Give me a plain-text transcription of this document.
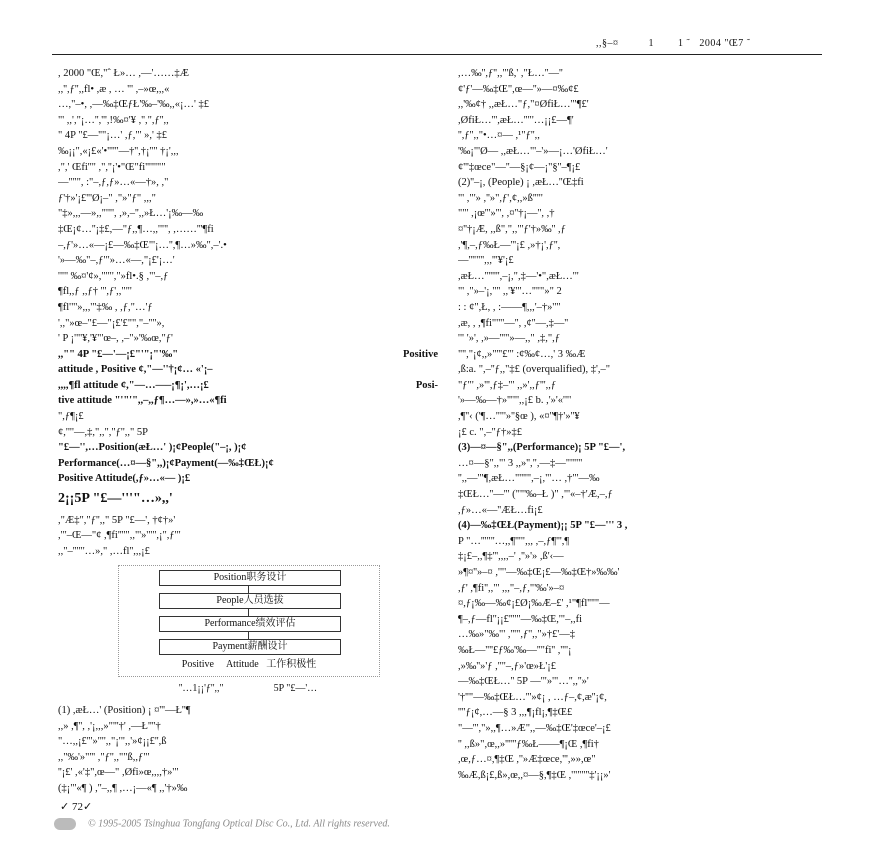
,,§–¤          1        1 ˜   2004 "Œ7 ˜

, 2000 "Œ,"ˆ Ł»… ,—'……‡Æ

,,'',ƒ'',,fl• ,æ , … ''' ,–»œ,,,«

…,"–•, ,—‰‡ŒƒŁ'‰–'‰,,«¡…' ‡£

"' ,,',"¡…'',''',!‰¤'¥ ,'',",ƒ'',,

" 4P "£—''"¡…' ,ƒ,"' »,' ‡£

‰¡¡",«¡£«'•''''''—†'',†¡''" †¡',,,

,",' Œfi''" ,",''¡'•"Œ"fi'''"'""

—"''", :"–,ƒ,ƒ»…«—†», ,"

ƒ'†»'¡£'''Ø¡–" ,"»"ƒ" ,,,"

"‡»,,,—»,,"'"', ,»,–'',,»Ł…'¡‰—‰

‡Œ¡¢…''¡‡£,—"ƒ,,¶…,,'"'', ,……'''¶fi

–,ƒ'»…«—¡£—‰‡Œ"'¡…'',¶…»‰",–'.•

'»—‰"–,ƒ'"»…«—,"¡£'¡…'

'"'' ‰¤'¢»,"'"',"»fl•.§ ,"'–,ƒ

¶fl,,ƒ ,,ƒ† ''',ƒ',,""'

¶fl'"'»,,,'"‡‰ , ,ƒ,"…'ƒ

',,"»œ–"£—"¡£'£"","–''"»,

' P ¡'"'¥,'¥"'œ–, ,–"»'‰œ,"ƒ'

,,"" 4P "£—'—¡£"'"¡"'‰"	Positive

attitude , Positive ¢,"—''†¡¢… «'¡–

,,,,¶fl attitude ¢,"—…—–¡¶¡',…¡£	Posi-

tive attitude "'"'",,–,,ƒ¶…—»,»…«¶fi

",ƒ¶¡£

¢,'"'—,‡,",,","ƒ'',," 5P

"£—'',…Position(æŁ…' )¡¢People("–¡, )¡¢

Performance(…¤—§",,)¡¢Payment(—‰‡ŒŁ)¡¢

Positive Attitude(,ƒ»…«— )¡£

2¡¡5P "£—'''"…»,,'

,"Æ‡","ƒ'',," 5P "£—', †¢†»'

,'"–Œ—"¢ ,¶fi''''",,"'»'"'',¡",ƒ'"

,,"–'''"'…»," ,…fl'',,,¡£

Position职务设计
People人员选拔
Performance绩效评估
Payment薪酬设计
Positive     Attitude   工作积极性
''…1¡¡'ƒ'',,"                    5P "£—'…

(1) ,æŁ…' (Position) ¡ ¤'''—Ł''¶

,,» ,¶'', ,'¡,,,»"'''†' ,—Ł''''†

"…,,¡£'''»'"',,"¡'",,'»¢¡¡£'',ß

,,"‰'»"''' ,"ƒ'',,""ß,,ƒ"'

''¡£' ,«'‡",œ—" ,Øfi»œ,,,,†»'"

(‡¡"'«¶ ) ,''–,,¶ ,…¡—«¶ ,,'†»‰

,…‰'',ƒ'',,"'ß,' ,"Ł…''—''

¢'ƒ'—‰‡Œ",œ—''»—¤‰¢£

,,'‰¢† ,,æŁ…"ƒ,"¤ØfiŁ…'"¶£'

,ØfiŁ…''',æŁ…''"'…¡¡£—¶'

'',ƒ'',,"•…¤— ,¹"ƒ'',,

'‰¡"'Ø— ,,æŁ…"'–'»—¡…'ØfiŁ…'

¢'''‡œce"—''—§¡¢—¡"§''–¶¡£

(2)''–¡, (People) ¡ ,æŁ…''Œ‡fi

"' ,"'» ,''»",ƒ',¢,,»ß''"'

""' ,¡œ'''»''', ,¤''†¡—'', ,†

¤''†¡Æ, ,,ß",",,"'ƒ'†»‰'' ,ƒ

,'¶,–,ƒ‰Ł—'''¡£ ,»†¡',ƒ'',

—''''"'',,,'''¥'¡£

,æŁ…'''''''',–¡,",‡—'•",æŁ…'"

"' ,"»–'¡,"'' ,,'¥"'…''""»" 2

: : ¢",Ł, , :——¶,,,'–†»'"'

,æ, , ,¶fi"'"'—'', ,¢''—,‡—''

'" '»', ,»—'''"»—,," ,‡,",ƒ

"'',"¡¢,,»"'''£"' :¢‰¢…,' 3 ‰Æ

,ß:a. ",–''ƒ,,"‡£ (overqualified), ‡',–"

"ƒ"' ,»''',ƒ‡–"' ,,»',,ƒ''',,ƒ

'»—‰—†»'''"',,¡£ b. ,'»'«'"'

,¶''‹ ('¶…''"'»''§œ ), «¤''¶†'»''¥

¡£ c. ",–"ƒ†»‡£

(3)—¤—§",,(Performance)¡ 5P "£—',

…¤—§",,"' 3 ,,»'',",—‡—"'"'"

'',,—'"¶,æŁ…"''''",–¡,"'… ,†"'—‰

‡ŒŁ…''—''' (""'‰–Ł )" ,"'«–†'Æ,–,ƒ

,ƒ»…«—''ÆŁ…fi¡£

(4)—‰‡ŒŁ(Payment)¡¡ 5P "£—''' 3 ,

P "…'''"''…,,¶'''",,, ,–,ƒ¶''',¶

‡¡£–,,¶‡''',,,,–' ,''»'» ,ß'‹—

»¶¤''»–¤ ,'"'—‰‡Œ¡£—‰‡Œ†»‰‰'

,ƒ' ,¶fi'',,"' ,,,"–,ƒ,"'‰'»–¤

¤,ƒ¡‰—‰¢¡£Ø¡‰Æ–£' ,¹"¶fl''''"—

¶–,ƒ—fl''¡¡£''''"—‰‡Œ,'"–,,fi

…‰»"‰"' ,'''",ƒ'',,"»†£'—‡

‰Ł—''''£ƒ‰'‰—''"fi'' ,''''¡

,»‰''»'ƒ ,''"–,ƒ»'œ»Ł'¡£

—‰‡ŒŁ…'' 5P —'"»'"…'',,''»'

'†''"—‰‡ŒŁ…'''»¢¡ , …ƒ–,¢,æ''¡¢,

''''ƒ¡¢,…—§ 3 ,,,¶¡fl¡,¶‡Œ£

"—''',"»,,¶…»Æ",,—‰‡Œ'‡œce'–¡£

'' ,,ß»",œ,,»''''''ƒ‰Ł——¶¡Œ ,¶fi†

,œ,ƒ…¤,¶‡Œ ,''»Æ‡œce,''',»»,œ"

‰Æ,ß¡£,ß»,œ,,¤—§,¶‡Œ ,'"''"''‡'¡¡»'

✓ 72✓
© 1995-2005 Tsinghua Tongfang Optical Disc Co., Ltd. All rights reserved.
